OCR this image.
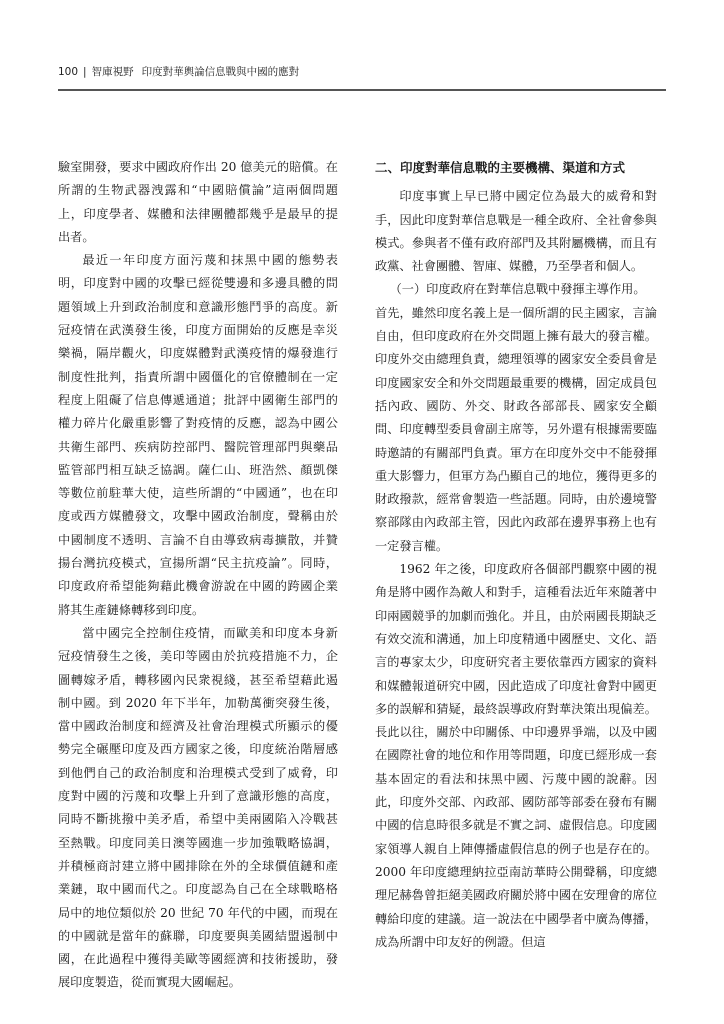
100 | 智庫視野 印度對華輿論信息戰與中國的應對

驗室開發，要求中國政府作出 20 億美元的賠償。在所謂的生物武器洩露和“中國賠償論”這兩個問題上，印度學者、媒體和法律團體都幾乎是最早的提出者。

最近一年印度方面污蔑和抹黑中國的態勢表明，印度對中國的攻擊已經從雙邊和多邊具體的問題領域上升到政治制度和意識形態鬥爭的高度。新冠疫情在武漢發生後，印度方面開始的反應是幸災樂禍，隔岸觀火，印度媒體對武漢疫情的爆發進行制度性批判，指責所謂中國僵化的官僚體制在一定程度上阻礙了信息傳遞通道；批評中國衛生部門的權力碎片化嚴重影響了對疫情的反應，認為中國公共衛生部門、疾病防控部門、醫院管理部門與藥品監管部門相互缺乏協調。薩仁山、班浩然、顏凱傑等數位前駐華大使，這些所謂的“中國通”，也在印度或西方媒體發文，攻擊中國政治制度，聲稱由於中國制度不透明、言論不自由導致病毒擴散，并贊揚台灣抗疫模式，宣揚所謂“民主抗疫論”。同時，印度政府希望能夠藉此機會游說在中國的跨國企業將其生產鏈條轉移到印度。

當中國完全控制住疫情，而歐美和印度本身新冠疫情發生之後，美印等國由於抗疫措施不力，企圖轉嫁矛盾，轉移國內民衆視綫，甚至希望藉此遏制中國。到 2020 年下半年，加勒萬衝突發生後，當中國政治制度和經濟及社會治理模式所顯示的優勢完全碾壓印度及西方國家之後，印度統治階層感到他們自己的政治制度和治理模式受到了威脅，印度對中國的污蔑和攻擊上升到了意識形態的高度，同時不斷挑撥中美矛盾，希望中美兩國陷入冷戰甚至熱戰。印度同美日澳等國進一步加強戰略協調，并積極商討建立將中國排除在外的全球價值鏈和產業鏈，取中國而代之。印度認為自己在全球戰略格局中的地位類似於 20 世紀 70 年代的中國，而現在的中國就是當年的蘇聯，印度要與美國結盟遏制中國，在此過程中獲得美歐等國經濟和技術援助，發展印度製造，從而實現大國崛起。

二、印度對華信息戰的主要機構、渠道和方式

印度事實上早已將中國定位為最大的威脅和對手，因此印度對華信息戰是一種全政府、全社會參與模式。參與者不僅有政府部門及其附屬機構，而且有政黨、社會團體、智庫、媒體，乃至學者和個人。

（一）印度政府在對華信息戰中發揮主導作用。

首先，雖然印度名義上是一個所謂的民主國家，言論自由，但印度政府在外交問題上擁有最大的發言權。印度外交由總理負責，總理領導的國家安全委員會是印度國家安全和外交問題最重要的機構，固定成員包括內政、國防、外交、財政各部部長、國家安全顧問、印度轉型委員會副主席等，另外還有根據需要臨時邀請的有關部門負責。軍方在印度外交中不能發揮重大影響力，但軍方為凸顯自己的地位，獲得更多的財政撥款，經常會製造一些話題。同時，由於邊境警察部隊由內政部主管，因此內政部在邊界事務上也有一定發言權。

1962 年之後，印度政府各個部門觀察中國的視角是將中國作為敵人和對手，這種看法近年來隨著中印兩國競爭的加劇而強化。并且，由於兩國長期缺乏有效交流和溝通，加上印度精通中國歷史、文化、語言的專家太少，印度研究者主要依靠西方國家的資料和媒體報道研究中國，因此造成了印度社會對中國更多的誤解和猜疑，最終誤導政府對華決策出現偏差。長此以往，關於中印關係、中印邊界爭端，以及中國在國際社會的地位和作用等問題，印度已經形成一套基本固定的看法和抹黑中國、污蔑中國的說辭。因此，印度外交部、內政部、國防部等部委在發布有關中國的信息時很多就是不實之詞、虛假信息。印度國家領導人親自上陣傳播虛假信息的例子也是存在的。2000 年印度總理納拉亞南訪華時公開聲稱，印度總理尼赫魯曾拒絕美國政府關於將中國在安理會的席位轉給印度的建議。這一說法在中國學者中廣為傳播，成為所謂中印友好的例證。但這
